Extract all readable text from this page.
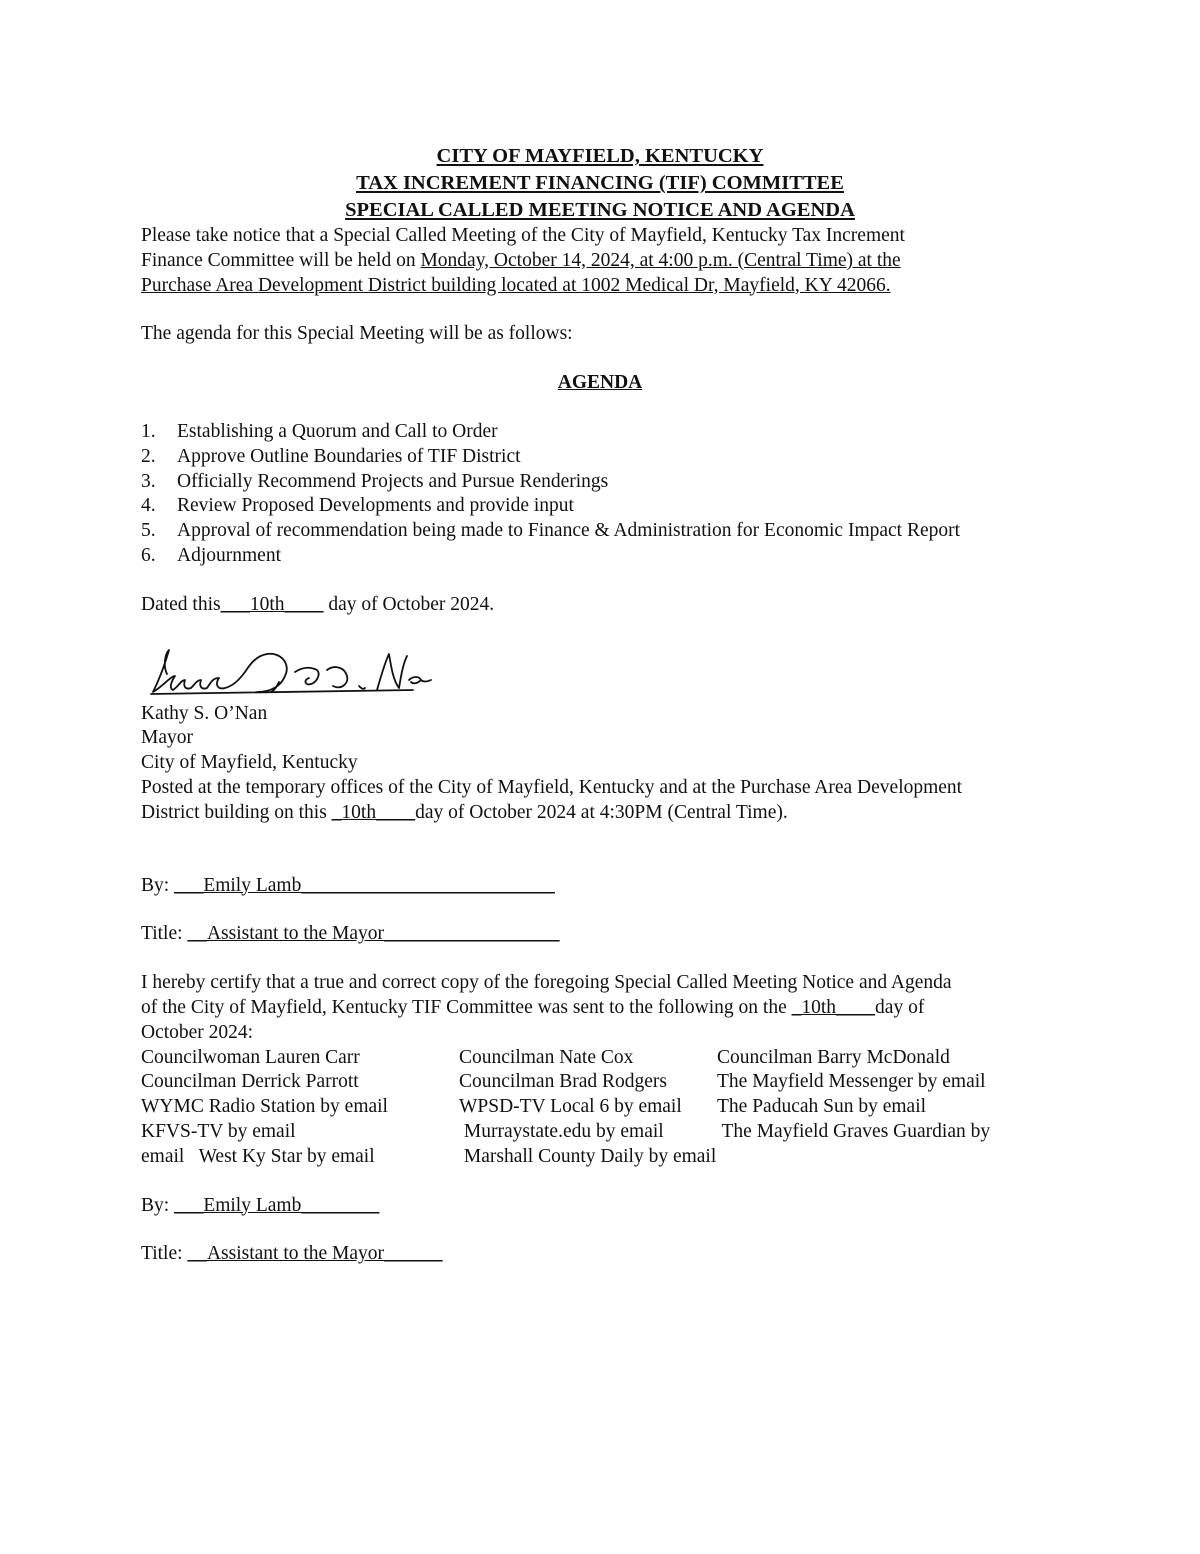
CITY OF MAYFIELD, KENTUCKY
TAX INCREMENT FINANCING (TIF) COMMITTEE
SPECIAL CALLED MEETING NOTICE AND AGENDA

Please take notice that a Special Called Meeting of the City of Mayfield, Kentucky Tax Increment

Finance Committee will be held on Monday, October 14, 2024, at 4:00 p.m. (Central Time) at the

Purchase Area Development District building located at 1002 Medical Dr, Mayfield, KY 42066.

The agenda for this Special Meeting will be as follows:

AGENDA
1. Establishing a Quorum and Call to Order
2. Approve Outline Boundaries of TIF District
3. Officially Recommend Projects and Pursue Renderings
4. Review Proposed Developments and provide input
5. Approval of recommendation being made to Finance & Administration for Economic Impact Report
6. Adjournment

Dated this___10th____ day of October 2024.

Kathy S. O’Nan

Mayor

City of Mayfield, Kentucky

Posted at the temporary offices of the City of Mayfield, Kentucky and at the Purchase Area Development

District building on this _10th____day of October 2024 at 4:30PM (Central Time).

By: ___Emily Lamb__________________________

Title: __Assistant to the Mayor__________________

I hereby certify that a true and correct copy of the foregoing Special Called Meeting Notice and Agenda

of the City of Mayfield, Kentucky TIF Committee was sent to the following on the _10th____day of

October 2024:

Councilwoman Lauren Carr	Councilman Nate Cox	Councilman Barry McDonald
Councilman Derrick Parrott	Councilman Brad Rodgers	The Mayfield Messenger by email
WYMC Radio Station by email	WPSD-TV Local 6 by email	The Paducah Sun by email
KFVS-TV by email	Murraystate.edu by email	The Mayfield Graves Guardian by
email   West Ky Star by email	Marshall County Daily by email

By: ___Emily Lamb________

Title: __Assistant to the Mayor______
